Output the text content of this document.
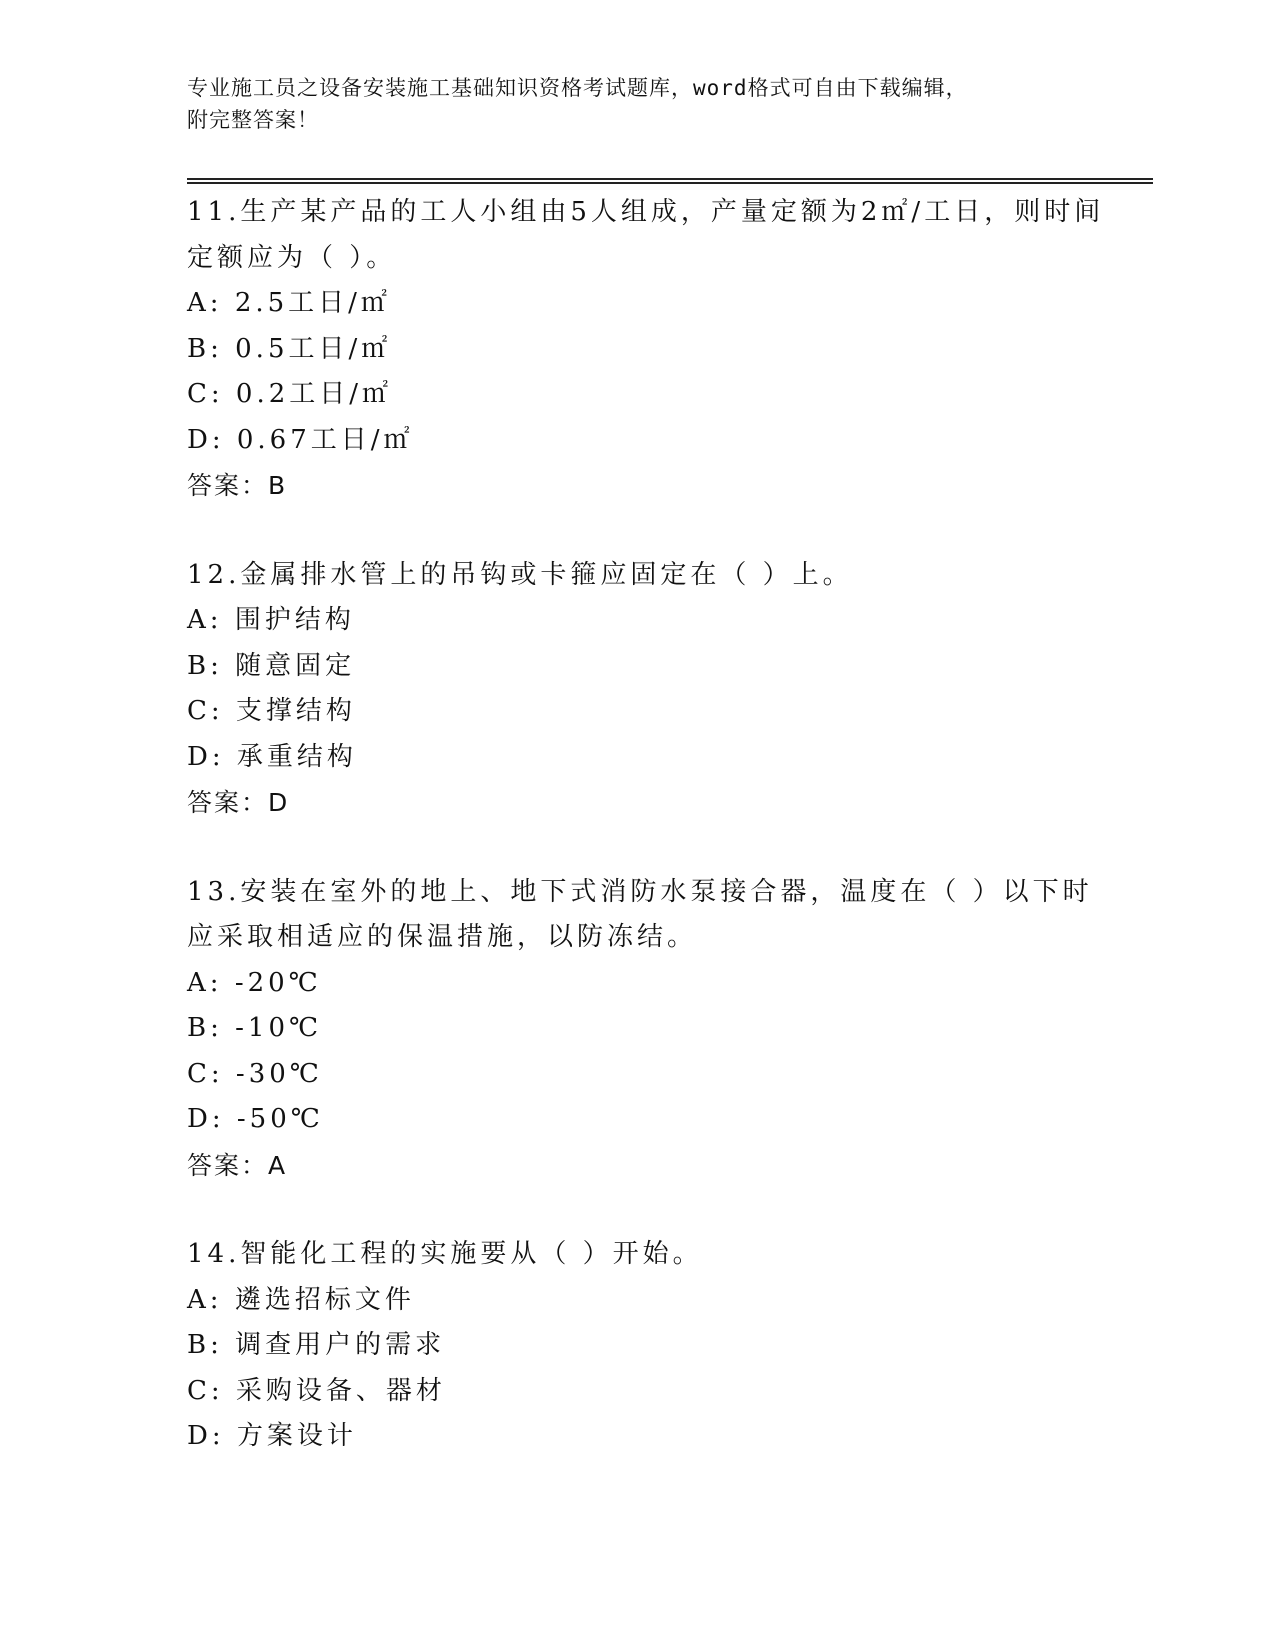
专业施工员之设备安装施工基础知识资格考试题库，word格式可自由下载编辑，
附完整答案！
11.生产某产品的工人小组由5人组成，产量定额为2㎡/工日，则时间
定额应为（ ）。
A: 2.5工日/㎡
B: 0.5工日/㎡
C: 0.2工日/㎡
D: 0.67工日/㎡
答案：B
12.金属排水管上的吊钩或卡箍应固定在（ ）上。
A: 围护结构
B: 随意固定
C: 支撑结构
D: 承重结构
答案：D
13.安装在室外的地上、地下式消防水泵接合器，温度在（ ）以下时
应采取相适应的保温措施，以防冻结。
A: -20℃
B: -10℃
C: -30℃
D: -50℃
答案：A
14.智能化工程的实施要从（ ）开始。
A: 遴选招标文件
B: 调查用户的需求
C: 采购设备、器材
D: 方案设计
